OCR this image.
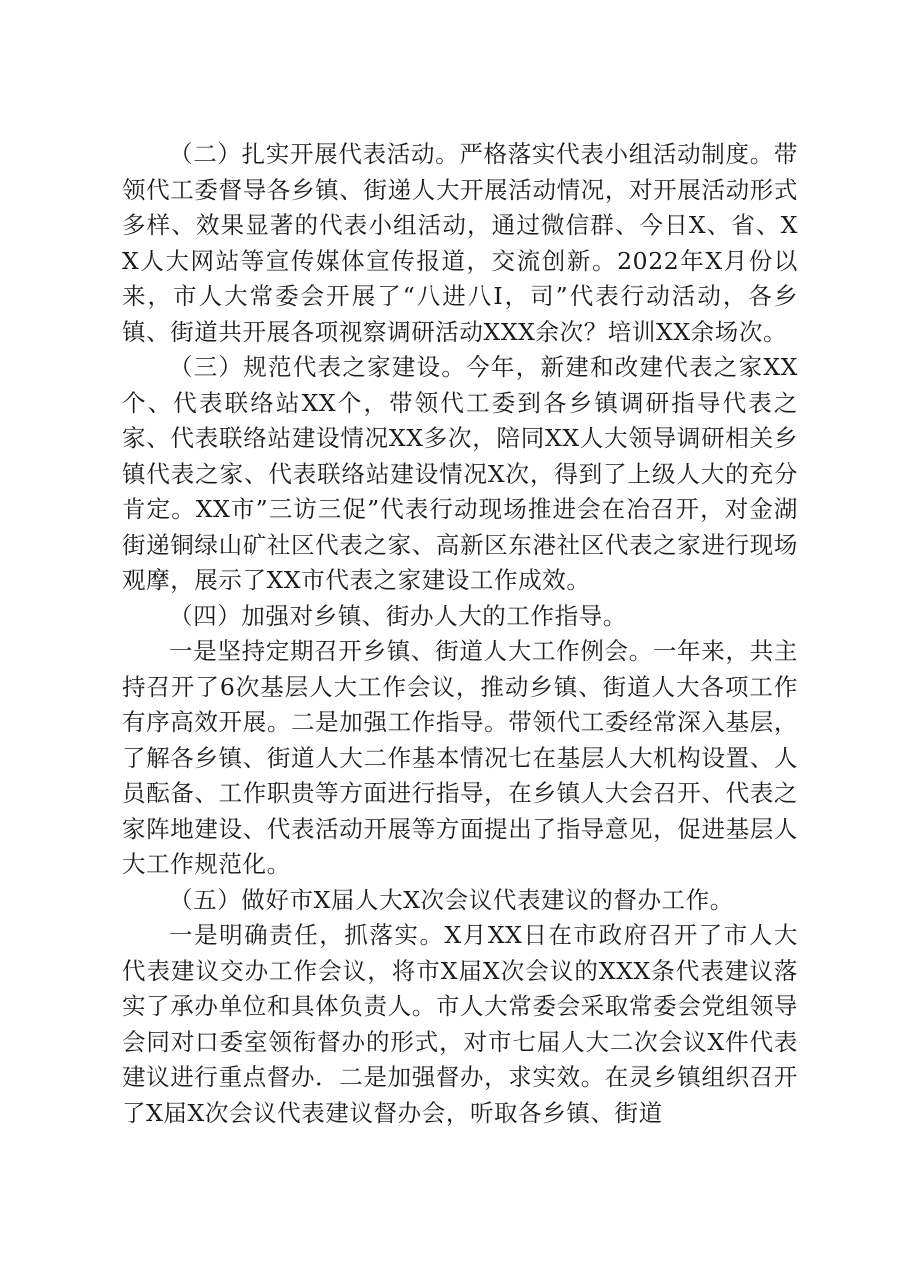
（二）扎实开展代表活动。严格落实代表小组活动制度。带领代工委督导各乡镇、街递人大开展活动情况，对开展活动形式多样、效果显著的代表小组活动，通过微信群、今日X、省、XX人大网站等宣传媒体宣传报道，交流创新。2022年X月份以来，市人大常委会开展了“八进八I，司”代表行动活动，各乡镇、街道共开展各项视察调研活动XXX余次？培训XX余场次。

（三）规范代表之家建设。今年，新建和改建代表之家XX个、代表联络站XX个，带领代工委到各乡镇调研指导代表之家、代表联络站建设情况XX多次，陪同XX人大领导调研相关乡镇代表之家、代表联络站建设情况X次，得到了上级人大的充分肯定。XX市”三访三促”代表行动现场推进会在冶召开，对金湖街递铜绿山矿社区代表之家、高新区东港社区代表之家进行现场观摩，展示了XX市代表之家建设工作成效。

（四）加强对乡镇、街办人大的工作指导。

一是坚持定期召开乡镇、街道人大工作例会。一年来，共主持召开了6次基层人大工作会议，推动乡镇、街道人大各项工作有序高效开展。二是加强工作指导。带领代工委经常深入基层，了解各乡镇、街道人大二作基本情况七在基层人大机构设置、人员酝备、工作职贵等方面进行指导，在乡镇人大会召开、代表之家阵地建设、代表活动开展等方面提出了指导意见，促进基层人大工作规范化。

（五）做好市X届人大X次会议代表建议的督办工作。

一是明确责任，抓落实。X月XX日在市政府召开了市人大代表建议交办工作会议，将市X届X次会议的XXX条代表建议落实了承办单位和具体负责人。市人大常委会采取常委会党组领导会同对口委室领衔督办的形式，对市七届人大二次会议X件代表建议进行重点督办．二是加强督办，求实效。在灵乡镇组织召开了X届X次会议代表建议督办会，听取各乡镇、街道
